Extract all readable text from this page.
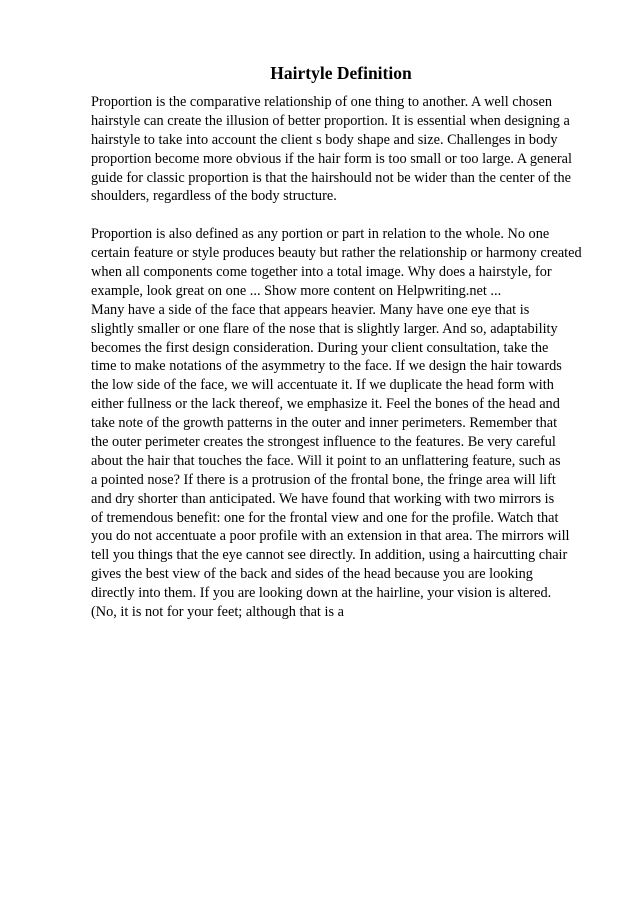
Hairtyle Definition
Proportion is the comparative relationship of one thing to another. A well chosen
hairstyle can create the illusion of better proportion. It is essential when designing a
hairstyle to take into account the client s body shape and size. Challenges in body
proportion become more obvious if the hair form is too small or too large. A general
guide for classic proportion is that the hairshould not be wider than the center of the
shoulders, regardless of the body structure.
Proportion is also defined as any portion or part in relation to the whole. No one
certain feature or style produces beauty but rather the relationship or harmony created
when all components come together into a total image. Why does a hairstyle, for
example, look great on one ... Show more content on Helpwriting.net ...
Many have a side of the face that appears heavier. Many have one eye that is
slightly smaller or one flare of the nose that is slightly larger. And so, adaptability
becomes the first design consideration. During your client consultation, take the
time to make notations of the asymmetry to the face. If we design the hair towards
the low side of the face, we will accentuate it. If we duplicate the head form with
either fullness or the lack thereof, we emphasize it. Feel the bones of the head and
take note of the growth patterns in the outer and inner perimeters. Remember that
the outer perimeter creates the strongest influence to the features. Be very careful
about the hair that touches the face. Will it point to an unflattering feature, such as
a pointed nose? If there is a protrusion of the frontal bone, the fringe area will lift
and dry shorter than anticipated. We have found that working with two mirrors is
of tremendous benefit: one for the frontal view and one for the profile. Watch that
you do not accentuate a poor profile with an extension in that area. The mirrors will
tell you things that the eye cannot see directly. In addition, using a haircutting chair
gives the best view of the back and sides of the head because you are looking
directly into them. If you are looking down at the hairline, your vision is altered.
(No, it is not for your feet; although that is a
